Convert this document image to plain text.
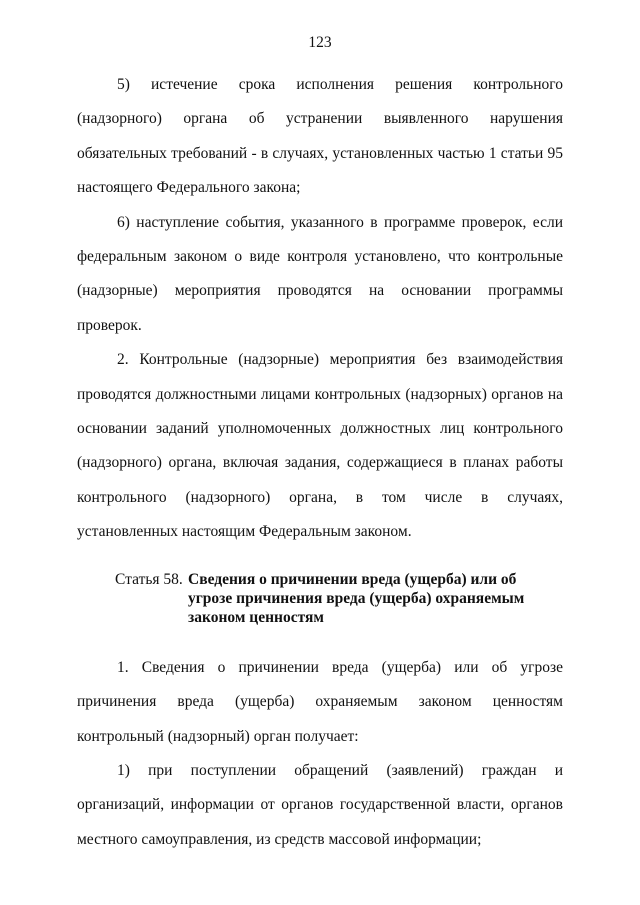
123

5) истечение срока исполнения решения контрольного (надзорного) органа об устранении выявленного нарушения обязательных требований - в случаях, установленных частью 1 статьи 95 настоящего Федерального закона;

6) наступление события, указанного в программе проверок, если федеральным законом о виде контроля установлено, что контрольные (надзорные) мероприятия проводятся на основании программы проверок.

2. Контрольные (надзорные) мероприятия без взаимодействия проводятся должностными лицами контрольных (надзорных) органов на основании заданий уполномоченных должностных лиц контрольного (надзорного) органа, включая задания, содержащиеся в планах работы контрольного (надзорного) органа, в том числе в случаях, установленных настоящим Федеральным законом.

Статья 58. Сведения о причинении вреда (ущерба) или об угрозе причинения вреда (ущерба) охраняемым законом ценностям

1. Сведения о причинении вреда (ущерба) или об угрозе причинения вреда (ущерба) охраняемым законом ценностям контрольный (надзорный) орган получает:

1) при поступлении обращений (заявлений) граждан и организаций, информации от органов государственной власти, органов местного самоуправления, из средств массовой информации;
